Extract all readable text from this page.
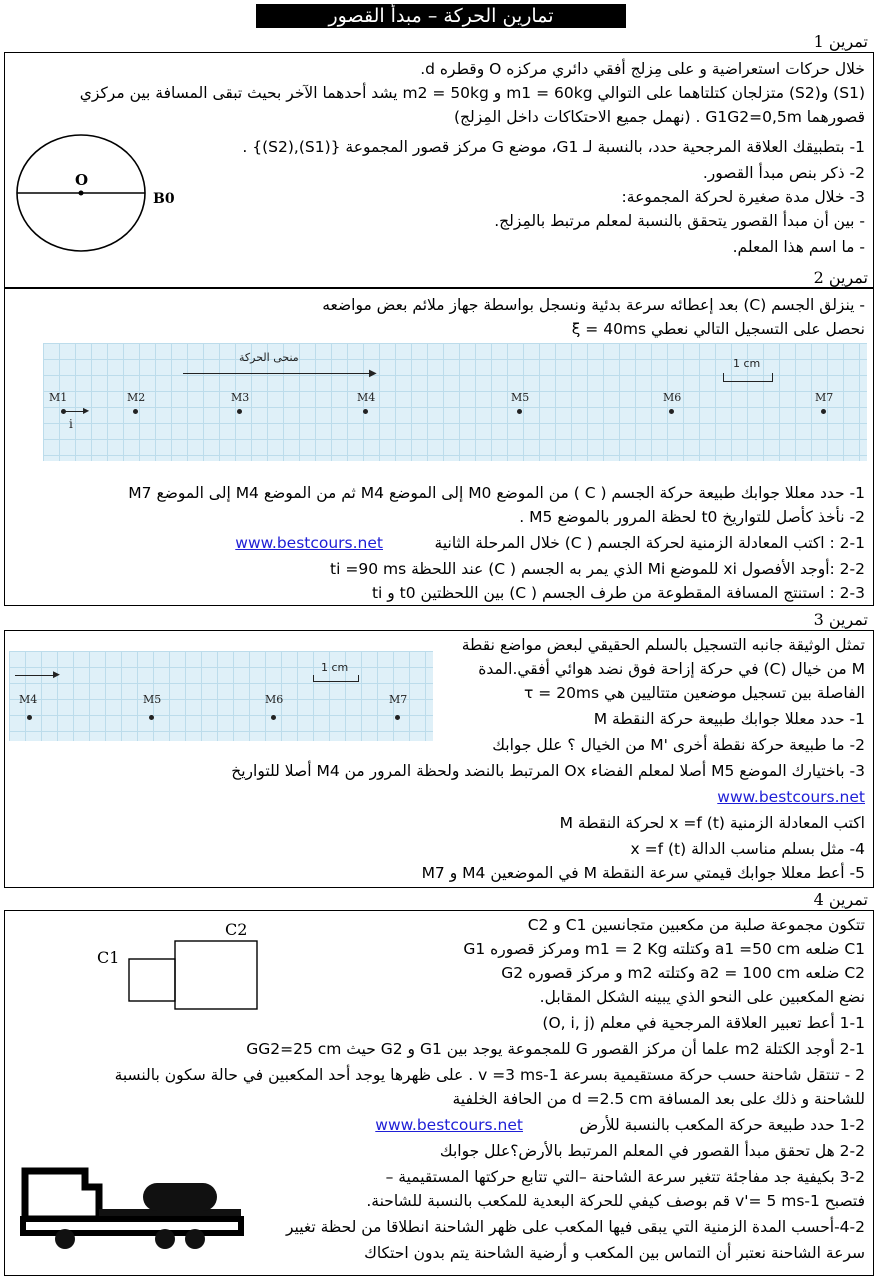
تمارين الحركة – مبدأ القصور
تمرين 1
خلال حركات استعراضية و على مِزلج أفقي دائري مركزه O وقطره d.
(S1) و(S2) متزلجان كتلتاهما على التوالي m1 = 60kg و m2 = 50kg يشد أحدهما الآخر بحيث تبقى المسافة بين مركزي
قصورهما G1G2=0,5m . (نهمل جميع الاحتكاكات داخل المِزلج)
1- بتطبيقك العلاقة المرجحية حدد، بالنسبة لـ G1، موضع G مركز قصور المجموعة {(S1),(S2)} .
2- ذكر بنص مبدأ القصور.
3- خلال مدة صغيرة لحركة المجموعة:
- بين أن مبدأ القصور يتحقق بالنسبة لمعلم مرتبط بالمِزلج.
- ما اسم هذا المعلم.
O
B0
تمرين 2
- ينزلق الجسم (C) بعد إعطائه سرعة بدئية ونسجل بواسطة جهاز ملائم بعض مواضعه
نحصل على التسجيل التالي نعطي ξ = 40ms
▶
منحى الحركة	1 cm
M1	M2	M3	M4	M5	M6	M7
▶
i
1- حدد معللا جوابك طبيعة حركة الجسم ( C ) من الموضع M0 إلى الموضع M4 ثم من الموضع M4 إلى الموضع M7
2- نأخذ كأصل للتواريخ t0 لحظة المرور بالموضع M5 .
2-1 : اكتب المعادلة الزمنية لحركة الجسم ( C) خلال المرحلة الثانية
www.bestcours.net
2-2 :أوجد الأفصول xi للموضع Mi الذي يمر به الجسم ( C) عند اللحظة ti =90 ms
2-3 : استنتج المسافة المقطوعة من طرف الجسم ( C) بين اللحظتين t0 و ti
تمرين 3
تمثل الوثيقة جانبه التسجيل بالسلم الحقيقي لبعض مواضع نقطة
M من خيال (C) في حركة إزاحة فوق نضد هوائي أفقي.المدة
الفاصلة بين تسجيل موضعين متتاليين هي τ = 20ms
1- حدد معللا جوابك طبيعة حركة النقطة M
2- ما طبيعة حركة نقطة أخرى 'M من الخيال ؟ علل جوابك
3- باختيارك الموضع M5 أصلا لمعلم الفضاء Ox المرتبط بالنضد ولحظة المرور من M4 أصلا للتواريخ
www.bestcours.net
اكتب المعادلة الزمنية x =f (t) لحركة النقطة M
4- مثل بسلم مناسب الدالة x =f (t)
5- أعط معللا جوابك قيمتي سرعة النقطة M في الموضعين M4 و M7
▶
1 cm
M4	M5	M6	M7
تمرين 4
تتكون مجموعة صلبة من مكعبين متجانسين C1 و C2
C1 ضلعه a1 =50 cm وكتلته m1 = 2 Kg ومركز قصوره G1
C2 ضلعه a2 = 100 cm وكتلته m2 و مركز قصوره G2
نضع المكعبين على النحو الذي يبينه الشكل المقابل.
1-1 أعط تعبير العلاقة المرجحية في معلم (O, i, j)
2-1 أوجد الكتلة m2 علما أن مركز القصور G للمجموعة يوجد بين G1 و G2 حيث GG2=25 cm
2 - تنتقل شاحنة حسب حركة مستقيمية بسرعة v =3 ms-1 . على ظهرها يوجد أحد المكعبين في حالة سكون بالنسبة
للشاحنة و ذلك على بعد المسافة d =2.5 cm من الحافة الخلفية
1-2 حدد طبيعة حركة المكعب بالنسبة للأرض
www.bestcours.net
2-2 هل تحقق مبدأ القصور في المعلم المرتبط بالأرض؟علل جوابك
3-2 بكيفية جد مفاجئة تتغير سرعة الشاحنة –التي تتابع حركتها المستقيمية –
فتصبح v'= 5 ms-1 قم بوصف كيفي للحركة البعدية للمكعب بالنسبة للشاحنة.
4-2-أحسب المدة الزمنية التي يبقى فيها المكعب على ظهر الشاحنة انطلاقا من لحظة تغيير
سرعة الشاحنة نعتبر أن التماس بين المكعب و أرضية الشاحنة يتم بدون احتكاك
C1
C2
